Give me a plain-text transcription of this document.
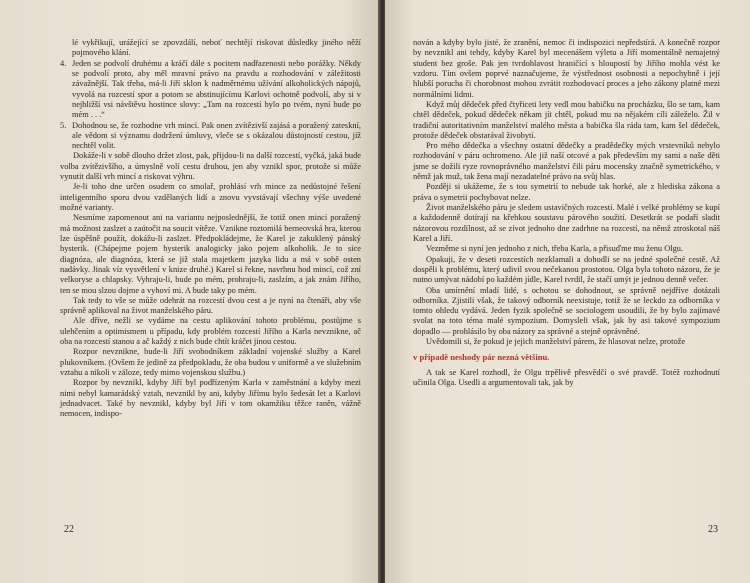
lé vykřikují, urážející se zpovzdálí, neboť nechtějí riskovat důsledky jiného něží pojmového klání.

4. Jeden se podvolí druhému a kráčí dále s pocitem nadřazenosti nebo porážky. Někdy se podvolí proto, aby měl mravní právo na pravdu a rozhodování v záležitosti závažnější. Tak třeba, má-li Jiří sklon k nadměrnému užívání alkoholických nápojů, vyvolá na rozcestí spor a potom se abstinujícímu Karlovi ochotně podvolí, aby si v nejbližší vsi návštěvu hostince slovy: „Tam na rozcestí bylo po tvém, nyní bude po mém . . .“

5. Dohodnou se, že rozhodne vrh mincí. Pak onen zvítězivší zajásá a poražený zateskní, ale vědom si významu dodržení úmluvy, vleče se s okázalou důstojností cestou, jíž nechtěl volit.

Dokáže-li v sobě dlouho držet zlost, pak, přijdou-li na další rozcestí, vyčká, jaká bude volba zvítězivšího, a úmyslně volí cestu druhou, jen aby vznikl spor, protože si může vynutit další vrh mincí a riskovat výhru.

Je-li toho dne určen osudem co smolař, prohlásí vrh mince za nedůstojné řešení inteligentního sporu dvou vzdělaných lidí a znovu vyvstávají všechny výše uvedené možné varianty.

Nesmíme zapomenout ani na variantu nejposlednější, že totiž onen mincí poražený má možnost zaslzet a zaútočit na soucit vítěze. Vznikne roztomilá berneovská hra, kterou lze úspěšně použít, dokážu-li zaslzet. Předpokládejme, že Karel je zakuklený pánský hysterik. (Chápejme pojem hysterik analogicky jako pojem alkoholik. Je to sice diagnóza, ale diagnóza, která se již stala majetkem jazyka lidu a má v sobě osten nadávky. Jinak víz vysvětlení v knize druhé.) Karel si řekne, navrhnu hod mincí, což zní velkoryse a chlapsky. Vyhraju-li, bude po mém, prohraju-li, zaslzím, a jak znám Jiřího, ten se mou slzou dojme a vyhoví mi. A bude taky po mém.

Tak tedy to vše se může odehrát na rozcestí dvou cest a je nyní na čtenáři, aby vše správně aplikoval na život manželského páru.

Ale dříve, nežli se vydáme na cestu aplikování tohoto problému, postůjme s ulehčením a optimismem u případu, kdy problém rozcestí Jiřího a Karla nevznikne, ač oba na rozcestí stanou a ač každý z nich bude chtít kráčet jinou cestou.

Rozpor nevznikne, bude-li Jiří svobodníkem základní vojenské služby a Karel plukovníkem. (Ovšem že jedině za předpokladu, že oba budou v uniformě a ve služebním vztahu a nikoli v záloze, tedy mimo vojenskou službu.)

Rozpor by nevznikl, kdyby Jiří byl podřízeným Karla v zaměstnání a kdyby mezi nimi nebyl kamarádský vztah, nevznikl by ani, kdyby Jiřímu bylo šedesát let a Karlovi jednadvacet. Také by nevznikl, kdyby byl Jiří v tom okamžiku těžce raněn, vážně nemocen, indispo-

22

nován a kdyby bylo jisté, že zranění, nemoc či indispozici nepředstírá. A konečně rozpor by nevznikl ani tehdy, kdyby Karel byl mecenášem výletu a Jiří momentálně nemajetný student bez groše. Pak jen tvrdohlavost hraničící s hloupostí by Jiřího mohla vést ke vzdoru. Tím ovšem poprvé naznačujeme, že výstřednost osobnosti a nepochybně i její hlubší porucha či chorobnost mohou zvrátit rozhodovací proces a jeho zákony platné mezi normálními lidmi.

Když můj dědeček před čtyřiceti lety vedl mou babičku na procházku, šlo se tam, kam chtěl dědeček, pokud dědeček někam jít chtěl, pokud mu na nějakém cíli záleželo. Žil v tradiční autoritativním manželství malého města a babička šla ráda tam, kam šel dědeček, protože dědeček obstarával živobytí.

Pro mého dědečka a všechny ostatní dědečky a pradědečky mých vrstevníků nebylo rozhodování v páru ochromeno. Ale již naší otcové a pak především my sami a naše děti jsme se dožili ryze rovnoprávného manželství čili páru mocensky značně symetrického, v němž jak muž, tak žena mají nezadatelné právo na svůj hlas.

Později si ukážeme, že s tou symetrií to nebude tak horké, ale z hlediska zákona a práva o symetrii pochybovat nelze.

Život manželského páru je sledem ustavičných rozcestí. Malé i velké problémy se kupí a každodenně dotírají na křehkou soustavu párového soužití. Desetkrát se podaří sladit názorovou rozdílnost, až se zívot jednoho dne zadrhne na rozcestí, na němž ztroskotal náš Karel a Jiří.

Vezměme si nyní jen jednoho z nich, třeba Karla, a přisuďme mu ženu Olgu.

Opakuji, že v deseti rozcestích nezklamali a dohodli se na jedné společné cestě. Až dospěli k problému, který udivil svou nečekanou prostotou. Olga byla tohoto názoru, že je nutno umývat nádobí po každém jídle, Karel tvrdil, že stačí umýt je jednou denně večer.

Oba umírnění mladí lidé, s ochotou se dohodnout, se správně nejdříve dotázali odborníka. Zjistili však, že takový odborník neexistuje, totiž že se leckdo za odborníka v tomto ohledu vydává. Jeden fyzik společně se sociologem usoudili, že by bylo zajímavé svolat na toto téma malé sympozium. Domysleli však, jak by asi takové sympozium dopadlo — prohlásilo by oba názory za správné a stejně oprávněné.

Uvědomili si, že pokud je jejich manželství párem, že hlasovat nelze, protože

v případě neshody pár nezná většinu.

A tak se Karel rozhodl, že Olgu trpělivě přesvědčí o své pravdě. Totéž rozhodnutí učinila Olga. Usedli a argumentovali tak, jak by

23
